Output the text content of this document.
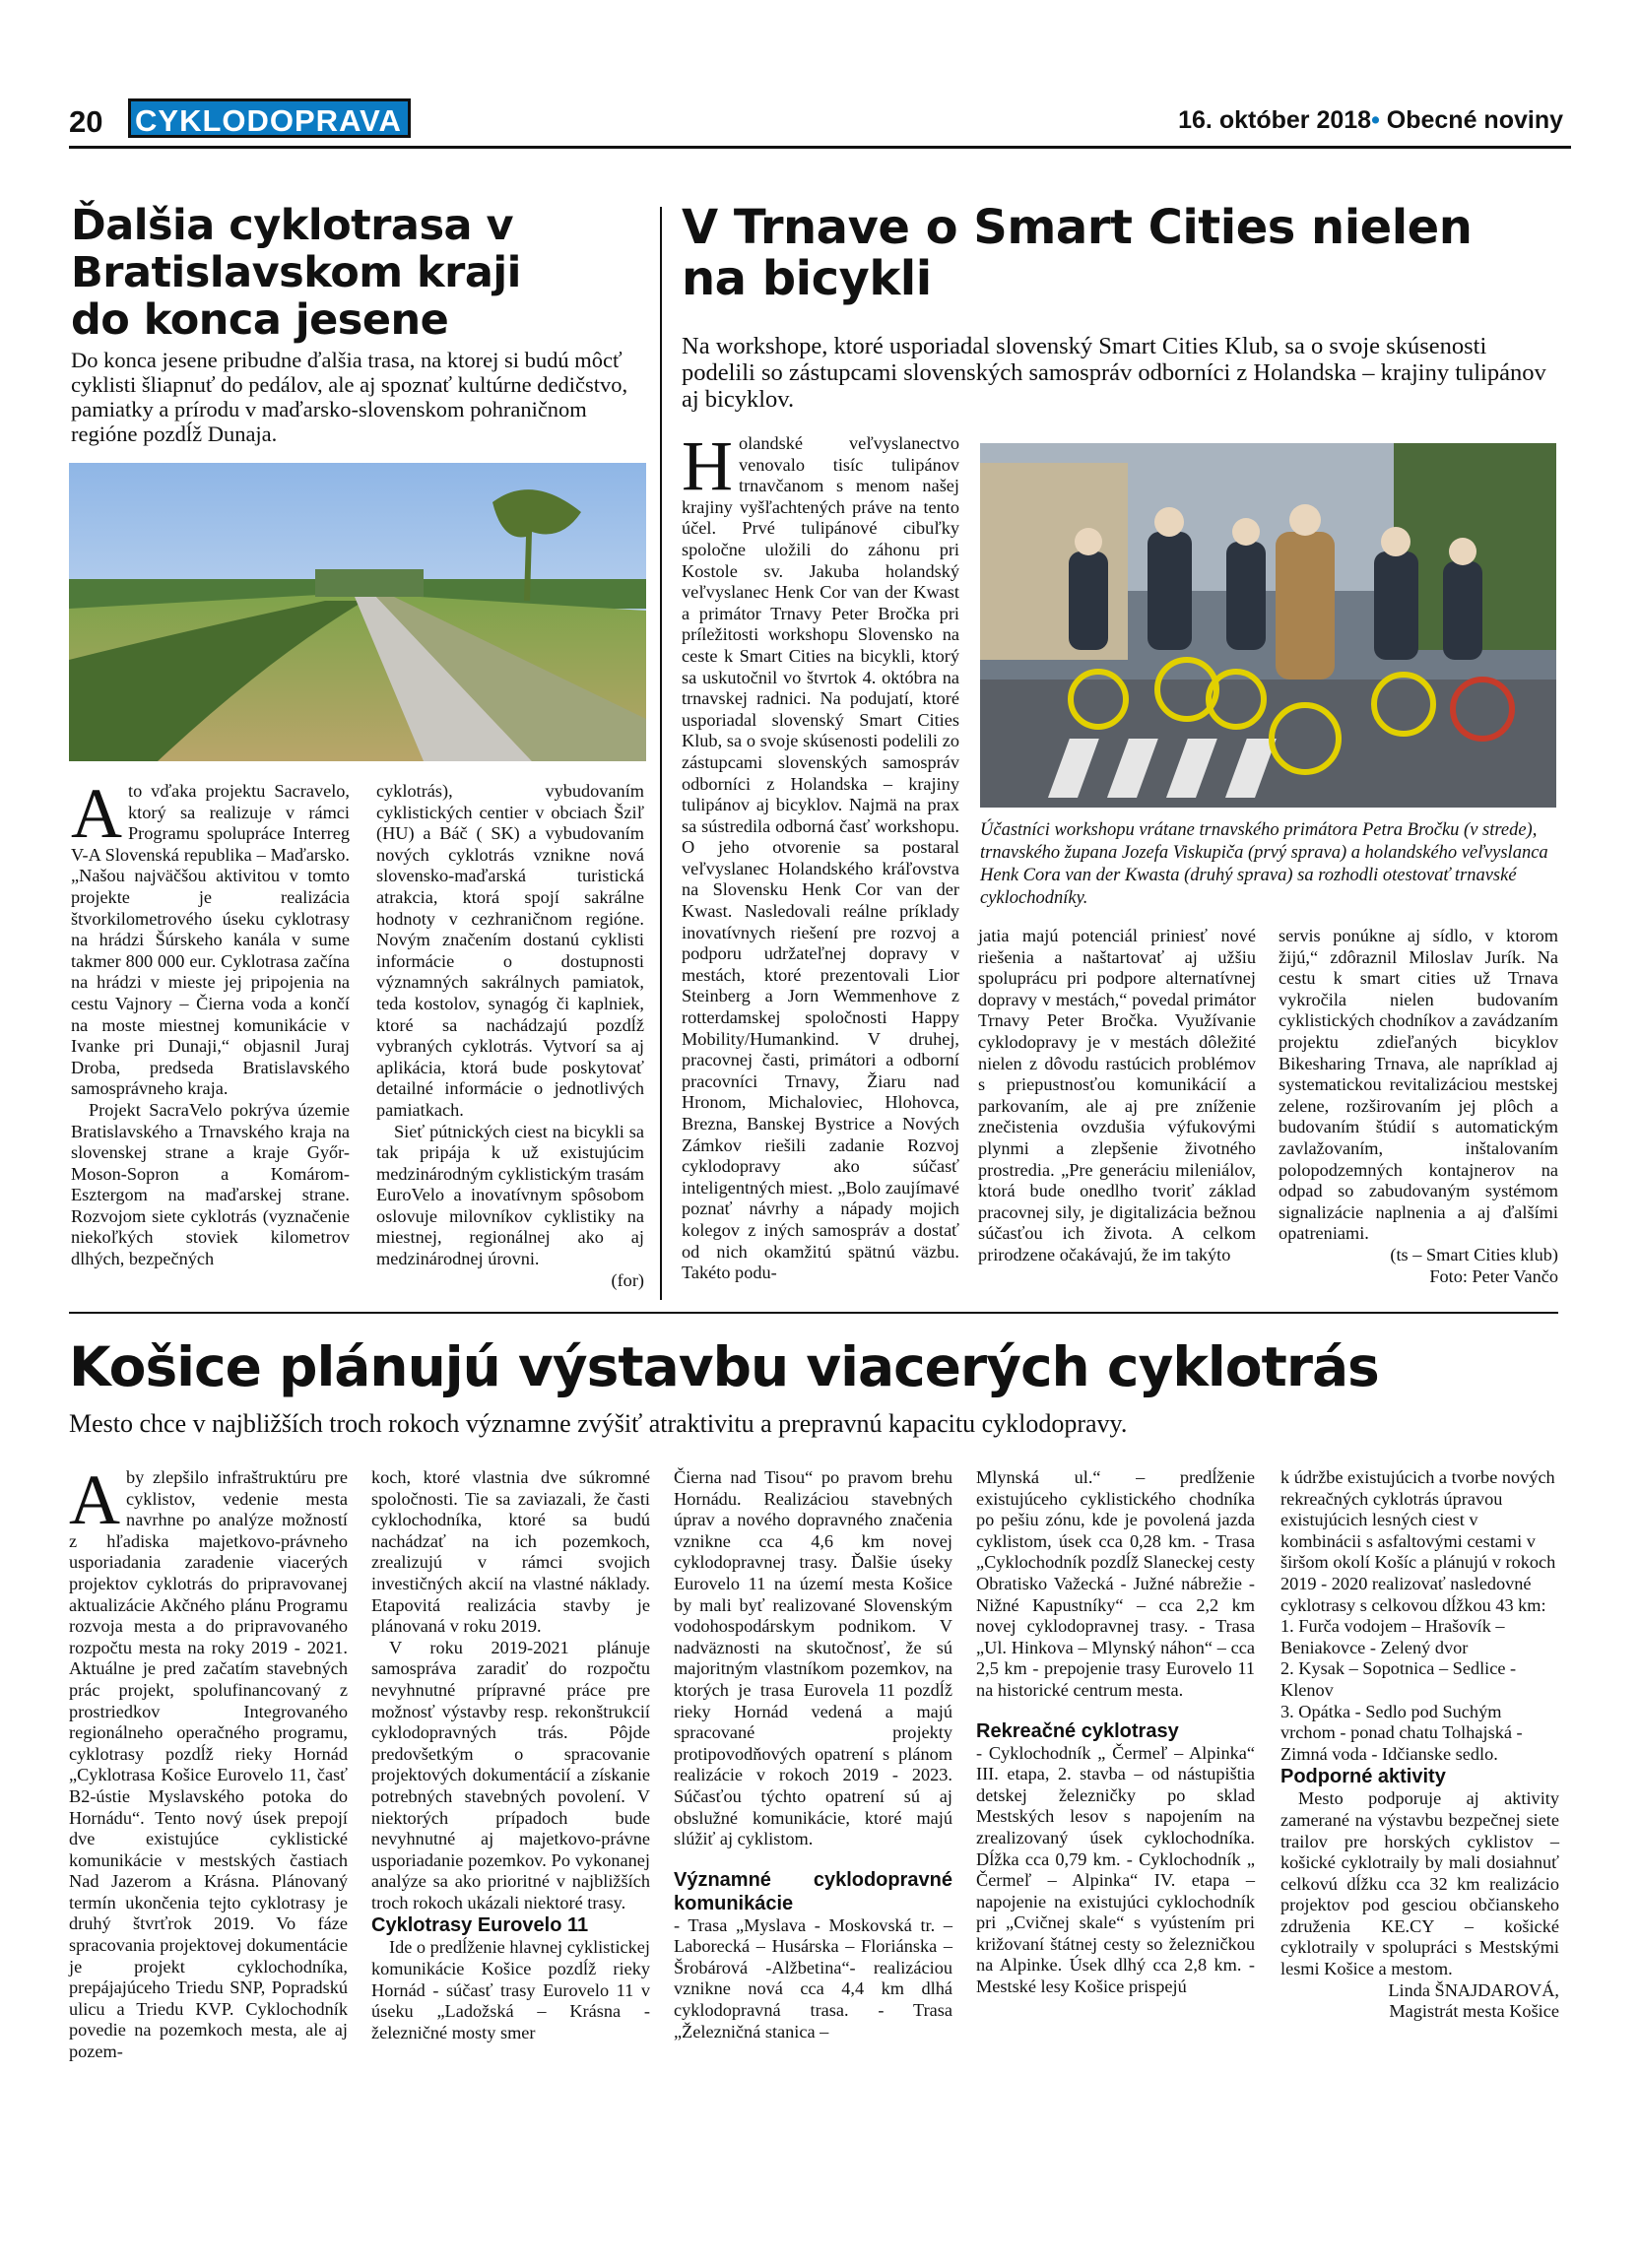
20 CYKLODOPRAVA	16. október 2018• Obecné noviny
Ďalšia cyklotrasa v Bratislavskom kraji do konca jesene

Do konca jesene pribudne ďalšia trasa, na ktorej si budú môcť cyklisti šliapnuť do pedálov, ale aj spoznať kultúrne dedičstvo, pamiatky a prírodu v maďarsko-slovenskom pohraničnom regióne pozdĺž Dunaja.

A to vďaka projektu Sacravelo, ktorý sa realizuje v rámci Programu spolupráce Interreg V-A Slovenská republika – Maďarsko. „Našou najväčšou aktivitou v tomto projekte je realizácia štvorkilometrového úseku cyklotrasy na hrádzi Šúrskeho kanála v sume takmer 800 000 eur. Cyklotrasa začína na hrádzi v mieste jej pripojenia na cestu Vajnory – Čierna voda a končí na moste miestnej komunikácie v Ivanke pri Dunaji,“ objasnil Juraj Droba, predseda Bratislavského samosprávneho kraja.

Projekt SacraVelo pokrýva územie Bratislavského a Trnavského kraja na slovenskej strane a kraje Győr-Moson-Sopron a Komárom-Esztergom na maďarskej strane. Rozvojom siete cyklotrás (vyznačenie niekoľkých stoviek kilometrov dlhých, bezpečných

cyklotrás), vybudovaním cyklistických centier v obciach Šziľ (HU) a Báč ( SK) a vybudovaním nových cyklotrás vznikne nová slovensko-maďarská turistická atrakcia, ktorá spojí sakrálne hodnoty v cezhraničnom regióne. Novým značením dostanú cyklisti informácie o dostupnosti významných sakrálnych pamiatok, teda kostolov, synagóg či kaplniek, ktoré sa nachádzajú pozdĺž vybraných cyklotrás. Vytvorí sa aj aplikácia, ktorá bude poskytovať detailné informácie o jednotlivých pamiatkach.

Sieť pútnických ciest na bicykli sa tak pripája k už existujúcim medzinárodným cyklistickým trasám EuroVelo a inovatívnym spôsobom oslovuje milovníkov cyklistiky na miestnej, regionálnej ako aj medzinárodnej úrovni.

(for)

V Trnave o Smart Cities nielen na bicykli

Na workshope, ktoré usporiadal slovenský Smart Cities Klub, sa o svoje skúsenosti podelili so zástupcami slovenských samospráv odborníci z Holandska – krajiny tulipánov aj bicyklov.

H olandské veľvyslanectvo venovalo tisíc tulipánov trnavčanom s menom našej krajiny vyšľachtených práve na tento účel. Prvé tulipánové cibuľky spoločne uložili do záhonu pri Kostole sv. Jakuba holandský veľvyslanec Henk Cor van der Kwast a primátor Trnavy Peter Bročka pri príležitosti workshopu Slovensko na ceste k Smart Cities na bicykli, ktorý sa uskutočnil vo štvrtok 4. októbra na trnavskej radnici. Na podujatí, ktoré usporiadal slovenský Smart Cities Klub, sa o svoje skúsenosti podelili zo zástupcami slovenských samospráv odborníci z Holandska – krajiny tulipánov aj bicyklov. Najmä na prax sa sústredila odborná časť workshopu. O jeho otvorenie sa postaral veľvyslanec Holandského kráľovstva na Slovensku Henk Cor van der Kwast. Nasledovali reálne príklady inovatívnych riešení pre rozvoj a podporu udržateľnej dopravy v mestách, ktoré prezentovali Lior Steinberg a Jorn Wemmenhove z rotterdamskej spoločnosti Happy Mobility/Humankind. V druhej, pracovnej časti, primátori a odborní pracovníci Trnavy, Žiaru nad Hronom, Michaloviec, Hlohovca, Brezna, Banskej Bystrice a Nových Zámkov riešili zadanie Rozvoj cyklodopravy ako súčasť inteligentných miest. „Bolo zaujímavé poznať návrhy a nápady mojich kolegov z iných samospráv a dostať od nich okamžitú spätnú väzbu. Takéto podu-

Účastníci workshopu vrátane trnavského primátora Petra Bročku (v strede), trnavského župana Jozefa Viskupiča (prvý sprava) a holandského veľvyslanca Henk Cora van der Kwasta (druhý sprava) sa rozhodli otestovať trnavské cyklochodníky.

jatia majú potenciál priniesť nové riešenia a naštartovať aj užšiu spoluprácu pri podpore alternatívnej dopravy v mestách,“ povedal primátor Trnavy Peter Bročka. Využívanie cyklodopravy je v mestách dôležité nielen z dôvodu rastúcich problémov s priepustnosťou komunikácií a parkovaním, ale aj pre zníženie znečistenia ovzdušia výfukovými plynmi a zlepšenie životného prostredia. „Pre generáciu mileniálov, ktorá bude onedlho tvoriť základ pracovnej sily, je digitalizácia bežnou súčasťou ich života. A celkom prirodzene očakávajú, že im takýto

servis ponúkne aj sídlo, v ktorom žijú,“ zdôraznil Miloslav Jurík. Na cestu k smart cities už Trnava vykročila nielen budovaním cyklistických chodníkov a zavádzaním projektu zdieľaných bicyklov Bikesharing Trnava, ale napríklad aj systematickou revitalizáciou mestskej zelene, rozširovaním jej plôch a budovaním štúdií s automatickým zavlažovaním, inštalovaním polopodzemných kontajnerov na odpad so zabudovaným systémom signalizácie naplnenia a aj ďalšími opatreniami.

(ts – Smart Cities klub)

Foto: Peter Vančo

Košice plánujú výstavbu viacerých cyklotrás

Mesto chce v najbližších troch rokoch významne zvýšiť atraktivitu a prepravnú kapacitu cyklodopravy.

A by zlepšilo infraštruktúru pre cyklistov, vedenie mesta navrhne po analýze možností z hľadiska majetkovo-právneho usporiadania zaradenie viacerých projektov cyklotrás do pripravovanej aktualizácie Akčného plánu Programu rozvoja mesta a do pripravovaného rozpočtu mesta na roky 2019 - 2021. Aktuálne je pred začatím stavebných prác projekt, spolufinancovaný z prostriedkov Integrovaného regionálneho operačného programu, cyklotrasy pozdĺž rieky Hornád „Cyklotrasa Košice Eurovelo 11, časť B2-ústie Myslavského potoka do Hornádu“. Tento nový úsek prepojí dve existujúce cyklistické komunikácie v mestských častiach Nad Jazerom a Krásna. Plánovaný termín ukončenia tejto cyklotrasy je druhý štvrťrok 2019. Vo fáze spracovania projektovej dokumentácie je projekt cyklochodníka, prepájajúceho Triedu SNP, Popradskú ulicu a Triedu KVP. Cyklochodník povedie na pozemkoch mesta, ale aj pozem-

koch, ktoré vlastnia dve súkromné spoločnosti. Tie sa zaviazali, že časti cyklochodníka, ktoré sa budú nachádzať na ich pozemkoch, zrealizujú v rámci svojich investičných akcií na vlastné náklady. Etapovitá realizácia stavby je plánovaná v roku 2019.

V roku 2019-2021 plánuje samospráva zaradiť do rozpočtu nevyhnutné prípravné práce pre možnosť výstavby resp. rekonštrukcií cyklodopravných trás. Pôjde predovšetkým o spracovanie projektových dokumentácií a získanie potrebných stavebných povolení. V niektorých prípadoch bude nevyhnutné aj majetkovo-právne usporiadanie pozemkov. Po vykonanej analýze sa ako prioritné v najbližších troch rokoch ukázali niektoré trasy.

Cyklotrasy Eurovelo 11

Ide o predĺženie hlavnej cyklistickej komunikácie Košice pozdĺž rieky Hornád - súčasť trasy Eurovelo 11 v úseku „Ladožská – Krásna - železničné mosty smer

Čierna nad Tisou“ po pravom brehu Hornádu. Realizáciou stavebných úprav a nového dopravného značenia vznikne cca 4,6 km novej cyklodopravnej trasy. Ďalšie úseky Eurovelo 11 na území mesta Košice by mali byť realizované Slovenským vodohospodárskym podnikom. V nadväznosti na skutočnosť, že sú majoritným vlastníkom pozemkov, na ktorých je trasa Eurovela 11 pozdĺž rieky Hornád vedená a majú spracované projekty protipovodňových opatrení s plánom realizácie v rokoch 2019 - 2023. Súčasťou týchto opatrení sú aj obslužné komunikácie, ktoré majú slúžiť aj cyklistom.

Významné cyklodopravné komunikácie

- Trasa „Myslava - Moskovská tr. – Laborecká – Husárska – Floriánska – Šrobárová -Alžbetina“- realizáciou vznikne nová cca 4,4 km dlhá cyklodopravná trasa. - Trasa „Železničná stanica –

Mlynská ul.“ – predĺženie existujúceho cyklistického chodníka po pešiu zónu, kde je povolená jazda cyklistom, úsek cca 0,28 km. - Trasa „Cyklochodník pozdĺž Slaneckej cesty Obratisko Važecká - Južné nábrežie - Nižné Kapustníky“ – cca 2,2 km novej cyklodopravnej trasy. - Trasa „Ul. Hinkova – Mlynský náhon“ – cca 2,5 km - prepojenie trasy Eurovelo 11 na historické centrum mesta.

Rekreačné cyklotrasy

- Cyklochodník „ Čermeľ – Alpinka“ III. etapa, 2. stavba – od nástupištia detskej železničky po sklad Mestských lesov s napojením na zrealizovaný úsek cyklochodníka. Dĺžka cca 0,79 km. - Cyklochodník „ Čermeľ – Alpinka“ IV. etapa – napojenie na existujúci cyklochodník pri „Cvičnej skale“ s vyústením pri križovaní štátnej cesty so železničkou na Alpinke. Úsek dlhý cca 2,8 km. - Mestské lesy Košice prispejú

k údržbe existujúcich a tvorbe nových rekreačných cyklotrás úpravou existujúcich lesných ciest v kombinácii s asfaltovými cestami v širšom okolí Košíc a plánujú v rokoch 2019 - 2020 realizovať nasledovné cyklotrasy s celkovou dĺžkou 43 km:

1. Furča vodojem – Hrašovík – Beniakovce - Zelený dvor

2. Kysak – Sopotnica – Sedlice - Klenov

3. Opátka - Sedlo pod Suchým vrchom - ponad chatu Tolhajská - Zimná voda - Idčianske sedlo.

Podporné aktivity

Mesto podporuje aj aktivity zamerané na výstavbu bezpečnej siete trailov pre horských cyklistov – košické cyklotraily by mali dosiahnuť celkovú dĺžku cca 32 km realizácio projektov pod gesciou občianskeho združenia KE.CY – košické cyklotraily v spolupráci s Mestskými lesmi Košice a mestom.

Linda ŠNAJDAROVÁ,

Magistrát mesta Košice
